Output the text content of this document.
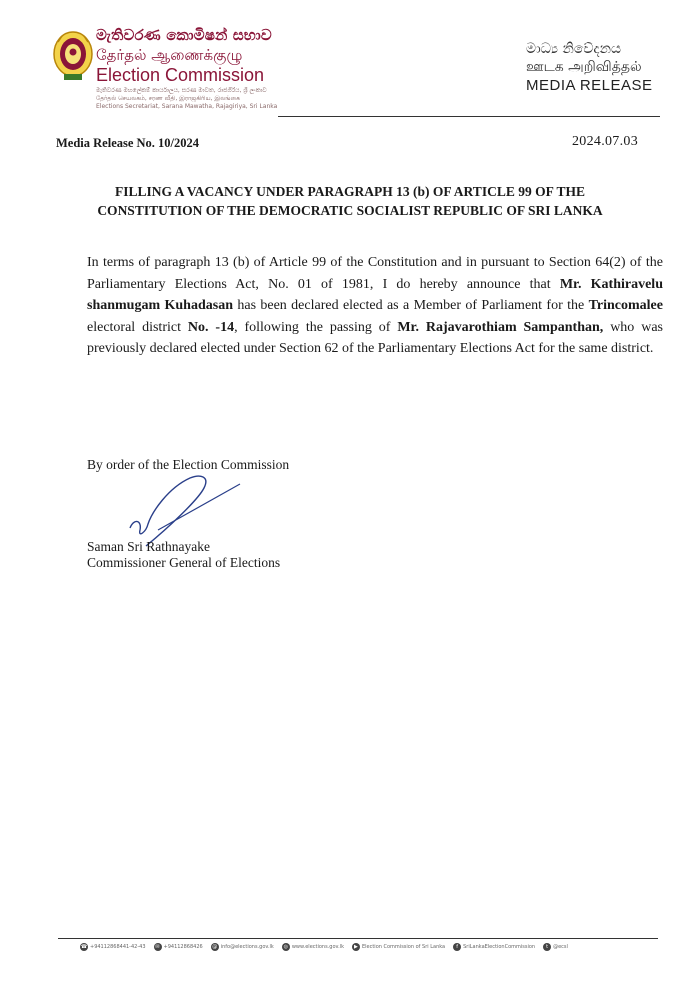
මැතිවරණ කොමිෂන් සභාව
தேர்தல் ஆணைக்குழு
Election Commission
මැතිවරණ මහලේකම් කාර්යාලය, සරණ මාවත, රාජගිරිය, ශ්‍රී ලංකාව
தேர்தல் செயலகம், சரண வீதி, இராஜகிரிய, இலங்கை
Elections Secretariat, Sarana Mawatha, Rajagiriya, Sri Lanka
මාධ්‍ය නිවේදනය
ஊடக அறிவித்தல்
MEDIA RELEASE
Media Release No. 10/2024	2024.07.03
FILLING A VACANCY UNDER PARAGRAPH 13 (b) OF ARTICLE 99 OF THE
CONSTITUTION OF THE DEMOCRATIC SOCIALIST REPUBLIC OF SRI LANKA
In terms of paragraph 13 (b) of Article 99 of the Constitution and in pursuant to Section 64(2) of the Parliamentary Elections Act, No. 01 of 1981, I do hereby announce that Mr. Kathiravelu shanmugam Kuhadasan has been declared elected as a Member of Parliament for the Trincomalee electoral district No. -14, following the passing of Mr. Rajavarothiam Sampanthan, who was previously declared elected under Section 62 of the Parliamentary Elections Act for the same district.
By order of the Election Commission
Saman Sri Rathnayake
Commissioner General of Elections
☎ +94112868441-42-43	✉ +94112868426	@ info@elections.gov.lk	◎ www.elections.gov.lk	▶ Election Commission of Sri Lanka	f	SriLankaElectionCommission	t	@ecsl
